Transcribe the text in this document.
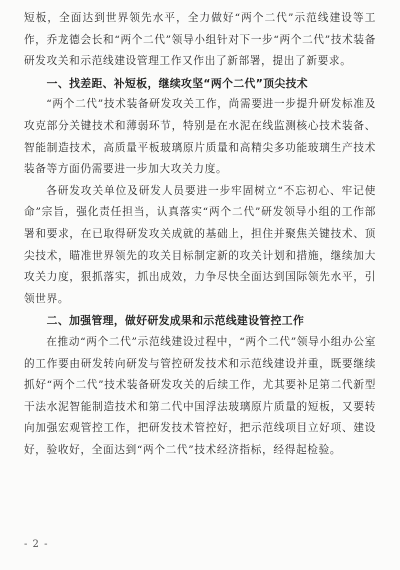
短板，全面达到世界领先水平，全力做好“两个二代”示范线建设等工作，乔龙德会长和“两个二代”领导小组针对下一步“两个二代”技术装备研发攻关和示范线建设管理工作又作出了新部署，提出了新要求。

一、找差距、补短板，继续攻坚“两个二代”顶尖技术

“两个二代”技术装备研发攻关工作，尚需要进一步提升研发标准及攻克部分关键技术和薄弱环节，特别是在水泥在线监测核心技术装备、智能制造技术，高质量平板玻璃原片质量和高精尖多功能玻璃生产技术装备等方面仍需要进一步加大攻关力度。

各研发攻关单位及研发人员要进一步牢固树立“不忘初心、牢记使命”宗旨，强化责任担当，认真落实“两个二代”研发领导小组的工作部署和要求，在已取得研发攻关成就的基础上，担住并聚焦关键技术、顶尖技术，瞄准世界领先的攻关目标制定新的攻关计划和措施，继续加大攻关力度，狠抓落实，抓出成效，力争尽快全面达到国际领先水平，引领世界。

二、加强管理，做好研发成果和示范线建设管控工作

在推动“两个二代”示范线建设过程中，“两个二代”领导小组办公室的工作要由研发转向研发与管控研发技术和示范线建设并重，既要继续抓好“两个二代”技术装备研发攻关的后续工作，尤其要补足第二代新型干法水泥智能制造技术和第二代中国浮法玻璃原片质量的短板，又要转向加强宏观管控工作，把研发技术管控好，把示范线项目立好项、建设好，验收好，全面达到“两个二代”技术经济指标，经得起检验。

- 2 -
